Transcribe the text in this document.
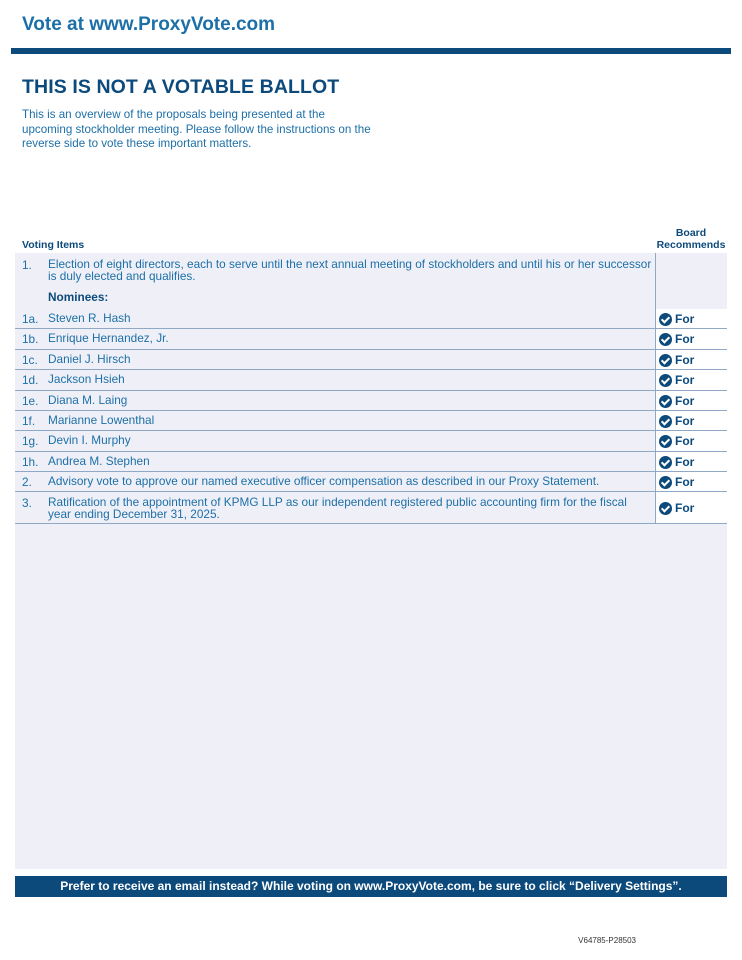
Vote at www.ProxyVote.com
THIS IS NOT A VOTABLE BALLOT
This is an overview of the proposals being presented at the upcoming stockholder meeting. Please follow the instructions on the reverse side to vote these important matters.
Voting Items
Board
Recommends
1. Election of eight directors, each to serve until the next annual meeting of stockholders and until his or her successor is duly elected and qualifies.
Nominees:
1a. Steven R. Hash	For
1b. Enrique Hernandez, Jr.	For
1c. Daniel J. Hirsch	For
1d. Jackson Hsieh	For
1e. Diana M. Laing	For
1f. Marianne Lowenthal	For
1g. Devin I. Murphy	For
1h. Andrea M. Stephen	For
2. Advisory vote to approve our named executive officer compensation as described in our Proxy Statement.	For
3. Ratification of the appointment of KPMG LLP as our independent registered public accounting firm for the fiscal year ending December 31, 2025.	For
Prefer to receive an email instead? While voting on www.ProxyVote.com, be sure to click “Delivery Settings”.
V64785-P28503
